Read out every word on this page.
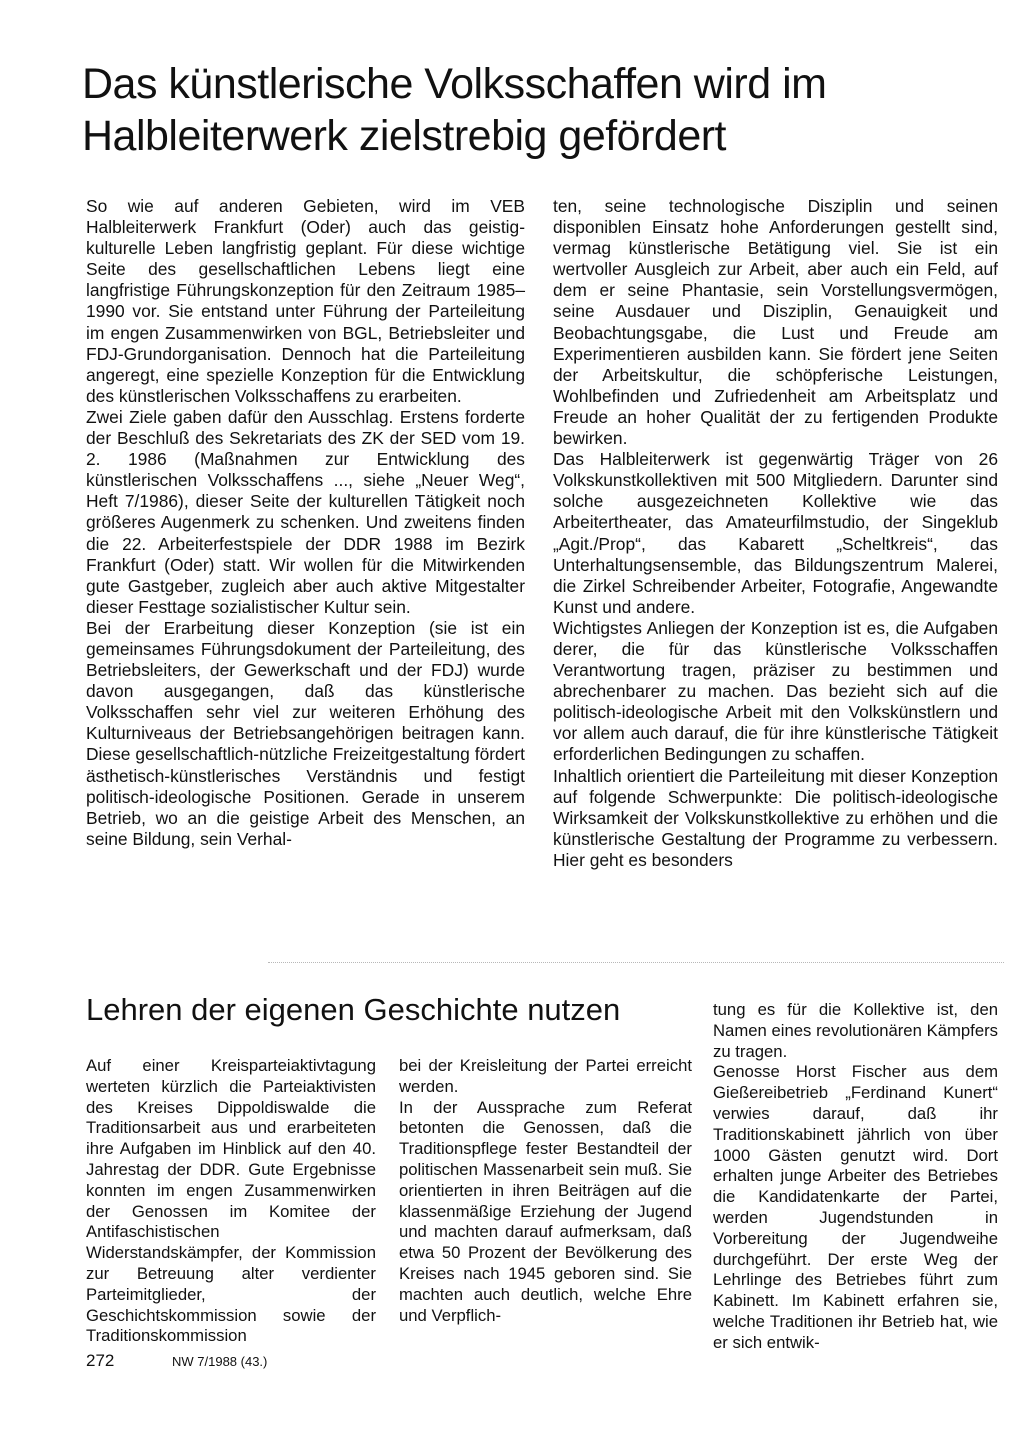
Das künstlerische Volksschaffen wird im Halbleiterwerk zielstrebig gefördert

So wie auf anderen Gebieten, wird im VEB Halbleiterwerk Frankfurt (Oder) auch das geistig-kulturelle Leben langfristig geplant. Für diese wichtige Seite des gesellschaftlichen Lebens liegt eine langfristige Führungskonzeption für den Zeitraum 1985–1990 vor. Sie entstand unter Führung der Parteileitung im engen Zusammenwirken von BGL, Betriebsleiter und FDJ-Grundorganisation. Dennoch hat die Parteileitung angeregt, eine spezielle Konzeption für die Entwicklung des künstlerischen Volksschaffens zu erarbeiten.

Zwei Ziele gaben dafür den Ausschlag. Erstens forderte der Beschluß des Sekretariats des ZK der SED vom 19. 2. 1986 (Maßnahmen zur Entwicklung des künstlerischen Volksschaffens ..., siehe „Neuer Weg“, Heft 7/1986), dieser Seite der kulturellen Tätigkeit noch größeres Augenmerk zu schenken. Und zweitens finden die 22. Arbeiterfestspiele der DDR 1988 im Bezirk Frankfurt (Oder) statt. Wir wollen für die Mitwirkenden gute Gastgeber, zugleich aber auch aktive Mitgestalter dieser Festtage sozialistischer Kultur sein.

Bei der Erarbeitung dieser Konzeption (sie ist ein gemeinsames Führungsdokument der Parteileitung, des Betriebsleiters, der Gewerkschaft und der FDJ) wurde davon ausgegangen, daß das künstlerische Volksschaffen sehr viel zur weiteren Erhöhung des Kulturniveaus der Betriebsangehörigen beitragen kann. Diese gesellschaftlich-nützliche Freizeitgestaltung fördert ästhetisch-künstlerisches Verständnis und festigt politisch-ideologische Positionen. Gerade in unserem Betrieb, wo an die geistige Arbeit des Menschen, an seine Bildung, sein Verhal-

ten, seine technologische Disziplin und seinen disponiblen Einsatz hohe Anforderungen gestellt sind, vermag künstlerische Betätigung viel. Sie ist ein wertvoller Ausgleich zur Arbeit, aber auch ein Feld, auf dem er seine Phantasie, sein Vorstellungsvermögen, seine Ausdauer und Disziplin, Genauigkeit und Beobachtungsgabe, die Lust und Freude am Experimentieren ausbilden kann. Sie fördert jene Seiten der Arbeitskultur, die schöpferische Leistungen, Wohlbefinden und Zufriedenheit am Arbeitsplatz und Freude an hoher Qualität der zu fertigenden Produkte bewirken.

Das Halbleiterwerk ist gegenwärtig Träger von 26 Volkskunstkollektiven mit 500 Mitgliedern. Darunter sind solche ausgezeichneten Kollektive wie das Arbeitertheater, das Amateurfilmstudio, der Singeklub „Agit./Prop“, das Kabarett „Scheltkreis“, das Unterhaltungsensemble, das Bildungszentrum Malerei, die Zirkel Schreibender Arbeiter, Fotografie, Angewandte Kunst und andere.

Wichtigstes Anliegen der Konzeption ist es, die Aufgaben derer, die für das künstlerische Volksschaffen Verantwortung tragen, präziser zu bestimmen und abrechenbarer zu machen. Das bezieht sich auf die politisch-ideologische Arbeit mit den Volkskünstlern und vor allem auch darauf, die für ihre künstlerische Tätigkeit erforderlichen Bedingungen zu schaffen.

Inhaltlich orientiert die Parteileitung mit dieser Konzeption auf folgende Schwerpunkte: Die politisch-ideologische Wirksamkeit der Volkskunstkollektive zu erhöhen und die künstlerische Gestaltung der Programme zu verbessern. Hier geht es besonders

Lehren der eigenen Geschichte nutzen

Auf einer Kreisparteiaktivtagung werteten kürzlich die Parteiaktivisten des Kreises Dippoldiswalde die Traditionsarbeit aus und erarbeiteten ihre Aufgaben im Hinblick auf den 40. Jahrestag der DDR. Gute Ergebnisse konnten im engen Zusammenwirken der Genossen im Komitee der Antifaschistischen Widerstandskämpfer, der Kommission zur Betreuung alter verdienter Parteimitglieder, der Geschichtskommission sowie der Traditionskommission

bei der Kreisleitung der Partei erreicht werden.

In der Aussprache zum Referat betonten die Genossen, daß die Traditionspflege fester Bestandteil der politischen Massenarbeit sein muß. Sie orientierten in ihren Beiträgen auf die klassenmäßige Erziehung der Jugend und machten darauf aufmerksam, daß etwa 50 Prozent der Bevölkerung des Kreises nach 1945 geboren sind. Sie machten auch deutlich, welche Ehre und Verpflich-

tung es für die Kollektive ist, den Namen eines revolutionären Kämpfers zu tragen.

Genosse Horst Fischer aus dem Gießereibetrieb „Ferdinand Kunert“ verwies darauf, daß ihr Traditionskabinett jährlich von über 1000 Gästen genutzt wird. Dort erhalten junge Arbeiter des Betriebes die Kandidatenkarte der Partei, werden Jugendstunden in Vorbereitung der Jugendweihe durchgeführt. Der erste Weg der Lehrlinge des Betriebes führt zum Kabinett. Im Kabinett erfahren sie, welche Traditionen ihr Betrieb hat, wie er sich entwik-

272	NW 7/1988 (43.)
